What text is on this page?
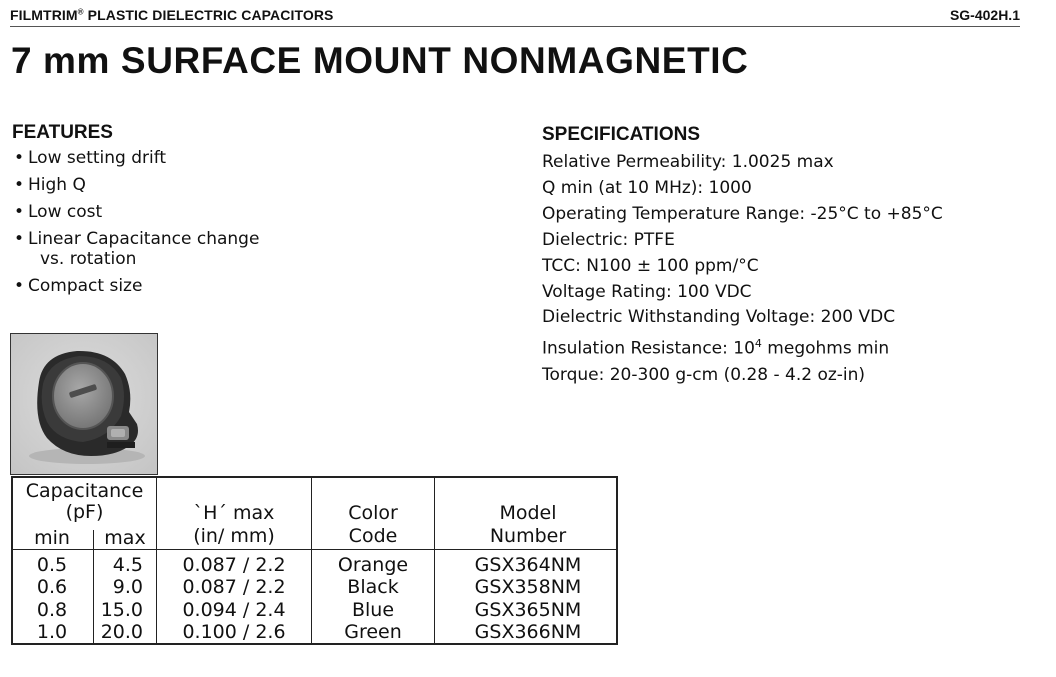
FILMTRIM® PLASTIC DIELECTRIC CAPACITORS	SG-402H.1
7 mm SURFACE MOUNT NONMAGNETIC
FEATURES
• Low setting drift
• High Q
• Low cost
• Linear Capacitance change
vs. rotation
• Compact size
SPECIFICATIONS
Relative Permeability: 1.0025 max
Q min (at 10 MHz): 1000
Operating Temperature Range: -25°C to +85°C
Dielectric: PTFE
TCC: N100 ± 100 ppm/°C
Voltage Rating: 100 VDC
Dielectric Withstanding Voltage: 200 VDC
Insulation Resistance: $10^4$ megohms min
Torque: 20-300 g-cm (0.28 - 4.2 oz-in)
Capacitance
(pF)
min	max
`H´ max
(in/ mm)
Color
Code
Model
Number
0.5	4.5	0.087 / 2.2	Orange	GSX364NM
0.6	9.0	0.087 / 2.2	Black	GSX358NM
0.8	15.0	0.094 / 2.4	Blue	GSX365NM
1.0	20.0	0.100 / 2.6	Green	GSX366NM
